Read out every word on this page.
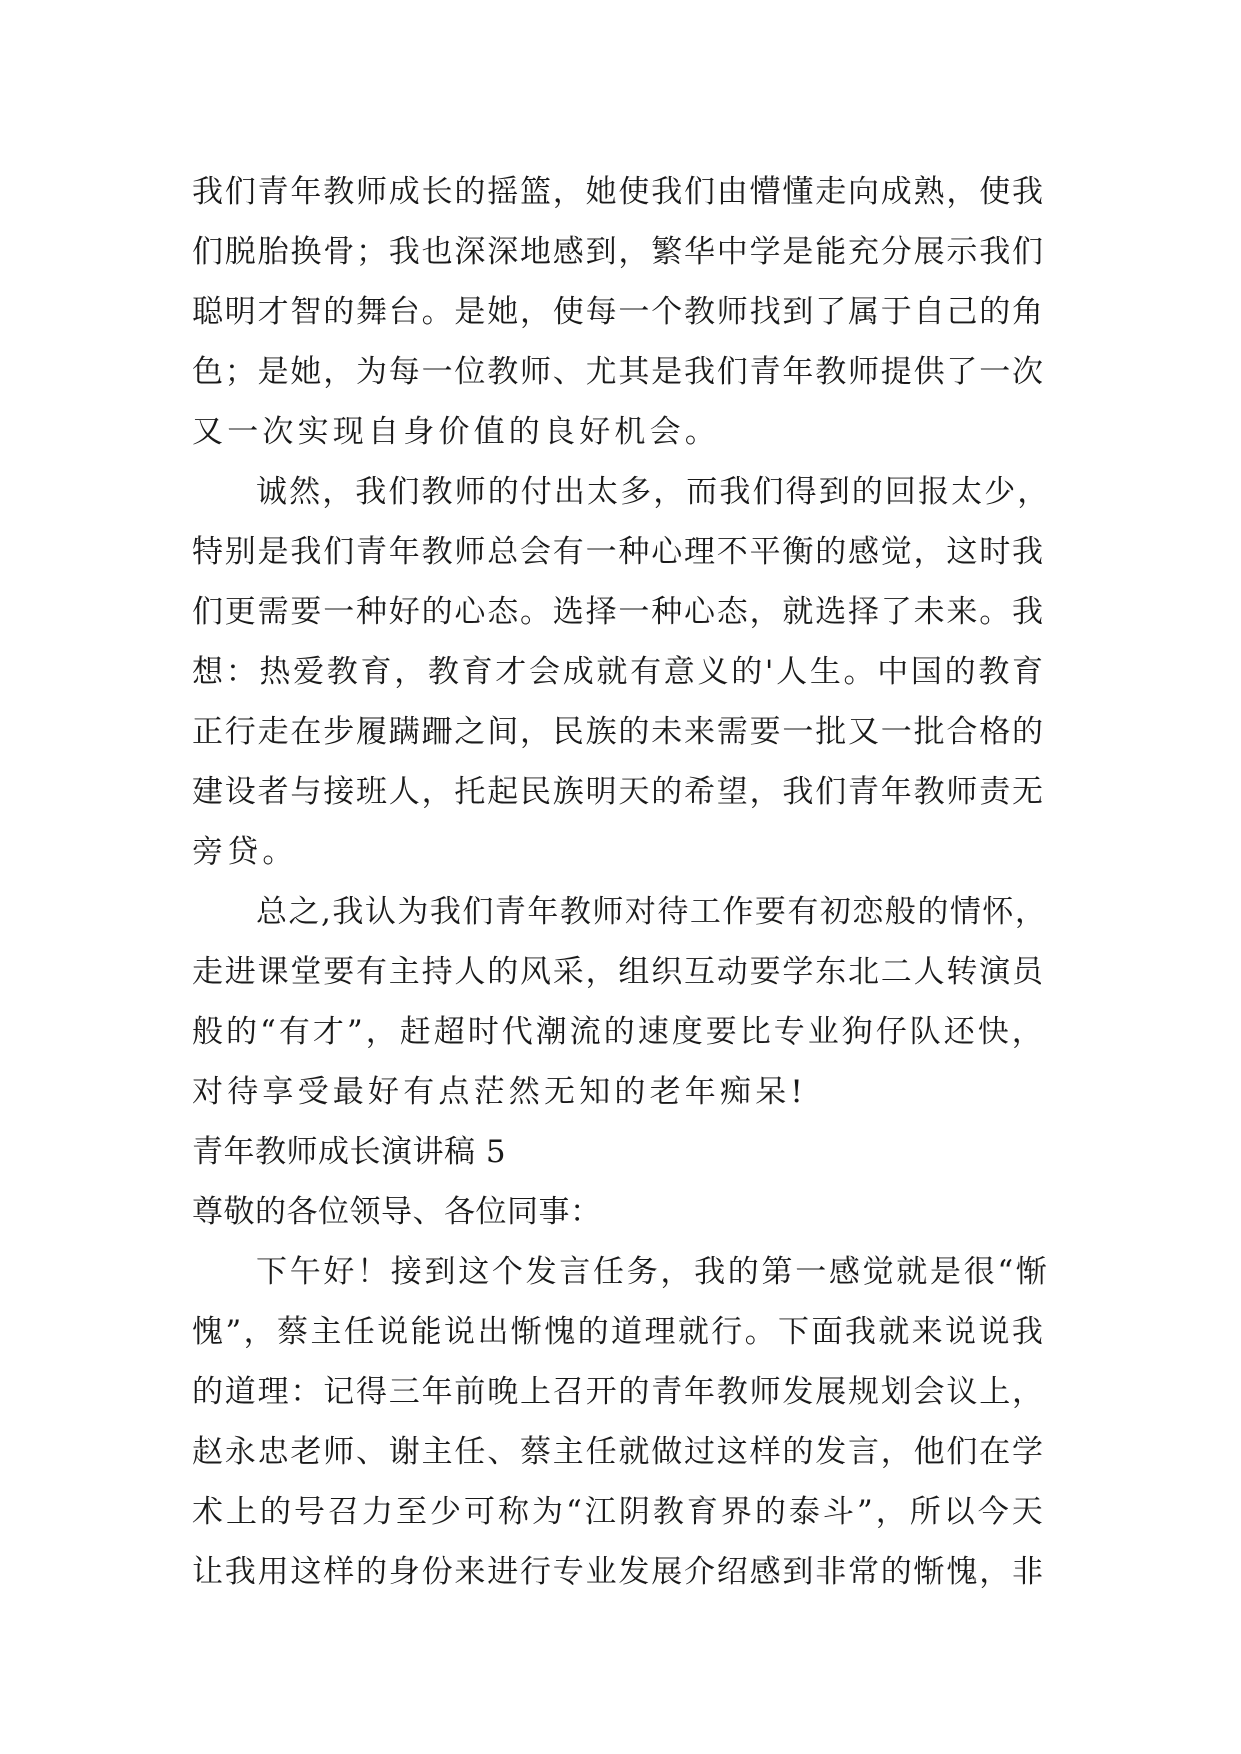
我们青年教师成长的摇篮，她使我们由懵懂走向成熟，使我
们脱胎换骨；我也深深地感到，繁华中学是能充分展示我们
聪明才智的舞台。是她，使每一个教师找到了属于自己的角
色；是她，为每一位教师、尤其是我们青年教师提供了一次
又一次实现自身价值的良好机会。
诚然，我们教师的付出太多，而我们得到的回报太少，
特别是我们青年教师总会有一种心理不平衡的感觉，这时我
们更需要一种好的心态。选择一种心态，就选择了未来。我
想：热爱教育，教育才会成就有意义的'人生。中国的教育
正行走在步履蹒跚之间，民族的未来需要一批又一批合格的
建设者与接班人，托起民族明天的希望，我们青年教师责无
旁贷。
总之,我认为我们青年教师对待工作要有初恋般的情怀，
走进课堂要有主持人的风采，组织互动要学东北二人转演员
般的“有才”，赶超时代潮流的速度要比专业狗仔队还快，
对待享受最好有点茫然无知的老年痴呆!
青年教师成长演讲稿 5
尊敬的各位领导、各位同事：
下午好！接到这个发言任务，我的第一感觉就是很“惭
愧”，蔡主任说能说出惭愧的道理就行。下面我就来说说我
的道理：记得三年前晚上召开的青年教师发展规划会议上，
赵永忠老师、谢主任、蔡主任就做过这样的发言，他们在学
术上的号召力至少可称为“江阴教育界的泰斗”，所以今天
让我用这样的身份来进行专业发展介绍感到非常的惭愧，非
